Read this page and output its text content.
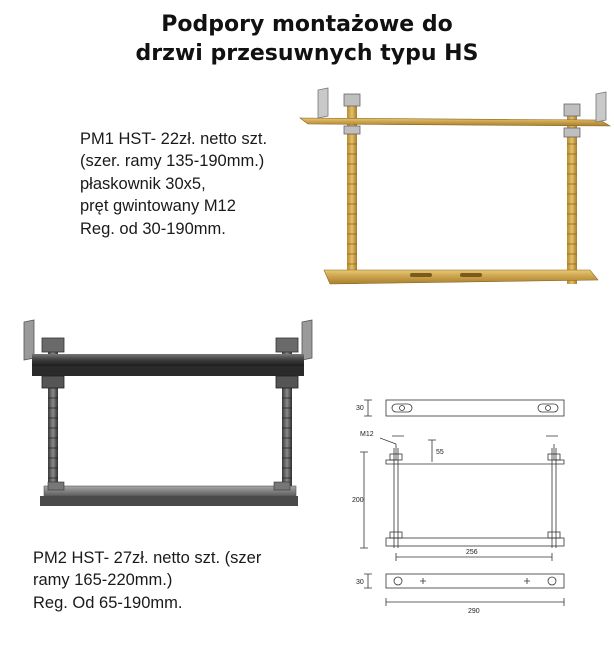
Podpory montażowe do
drzwi przesuwnych typu HS
PM1 HST- 22zł. netto szt.
(szer. ramy 135-190mm.)
płaskownik 30x5,
pręt gwintowany M12
Reg. od 30-190mm.
PM2 HST- 27zł. netto szt. (szer
ramy 165-220mm.)
Reg. Od 65-190mm.
30
M12
55
200
256
30
290
